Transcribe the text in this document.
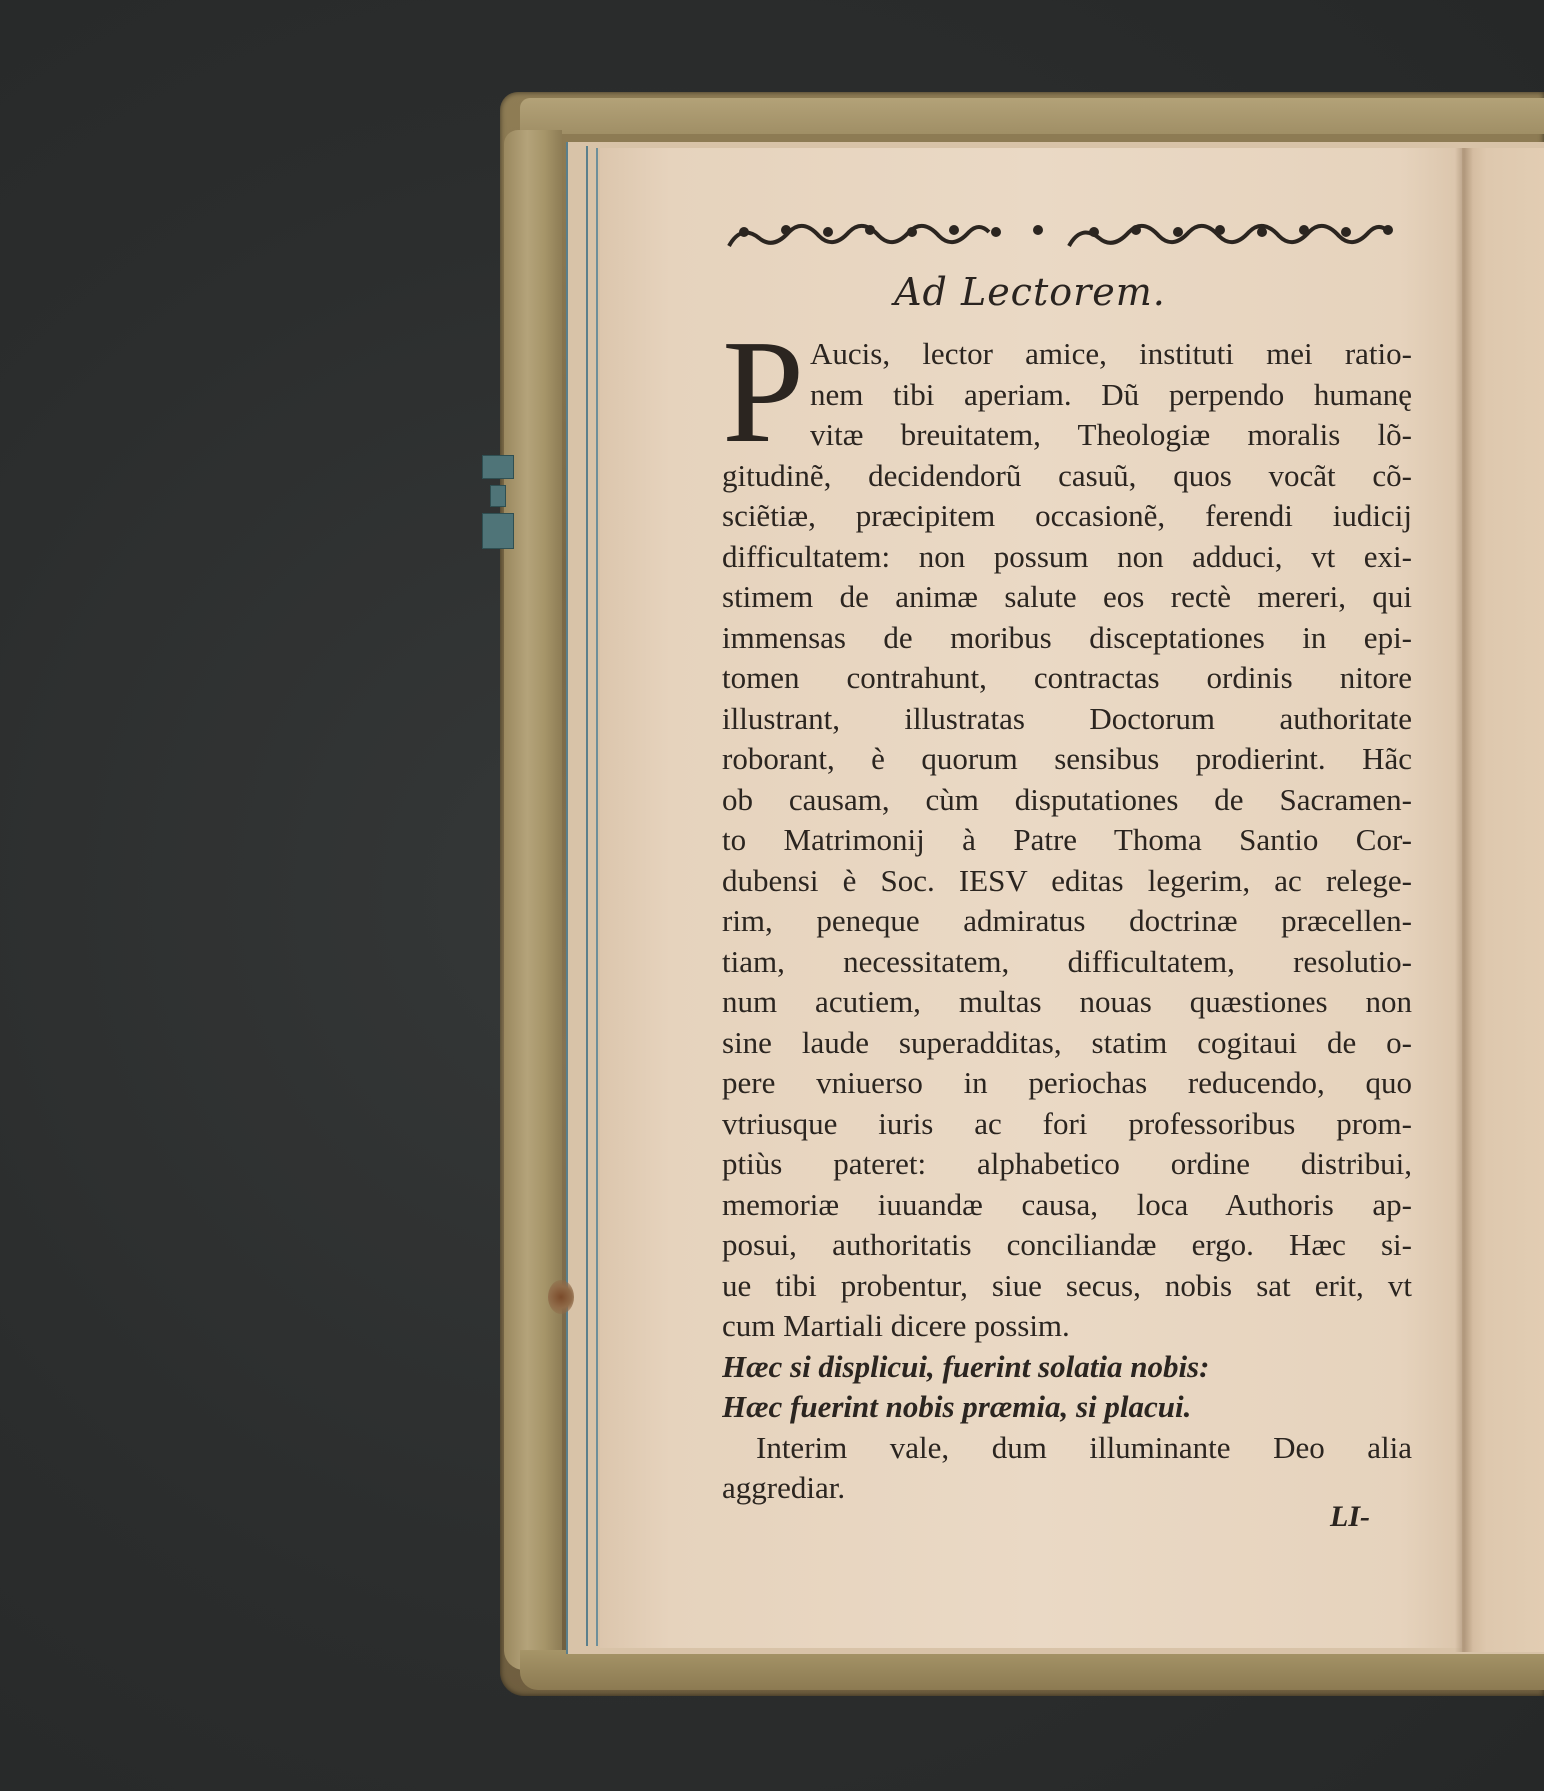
Ad Lectorem.
P Aucis, lector amice, instituti mei ratio-
nem tibi aperiam. Dũ perpendo humanę
vitæ breuitatem, Theologiæ moralis lõ-
gitudinẽ, decidendorũ casuũ, quos vocãt cõ-
sciẽtiæ, præcipitem occasionẽ, ferendi iudicij
difficultatem: non possum non adduci, vt exi-
stimem de animæ salute eos rectè mereri, qui
immensas de moribus disceptationes in epi-
tomen contrahunt, contractas ordinis nitore
illustrant, illustratas Doctorum authoritate
roborant, è quorum sensibus prodierint. Hãc
ob causam, cùm disputationes de Sacramen-
to Matrimonij à Patre Thoma Santio Cor-
dubensi è Soc. IESV editas legerim, ac relege-
rim, peneque admiratus doctrinæ præcellen-
tiam, necessitatem, difficultatem, resolutio-
num acutiem, multas nouas quæstiones non
sine laude superadditas, statim cogitaui de o-
pere vniuerso in periochas reducendo, quo
vtriusque iuris ac fori professoribus prom-
ptiùs pateret: alphabetico ordine distribui,
memoriæ iuuandæ causa, loca Authoris ap-
posui, authoritatis conciliandæ ergo. Hæc si-
ue tibi probentur, siue secus, nobis sat erit, vt
cum Martiali dicere possim.
Hæc si displicui, fuerint solatia nobis:
Hæc fuerint nobis præmia, si placui.
Interim vale, dum illuminante Deo alia
aggrediar.
LI-
